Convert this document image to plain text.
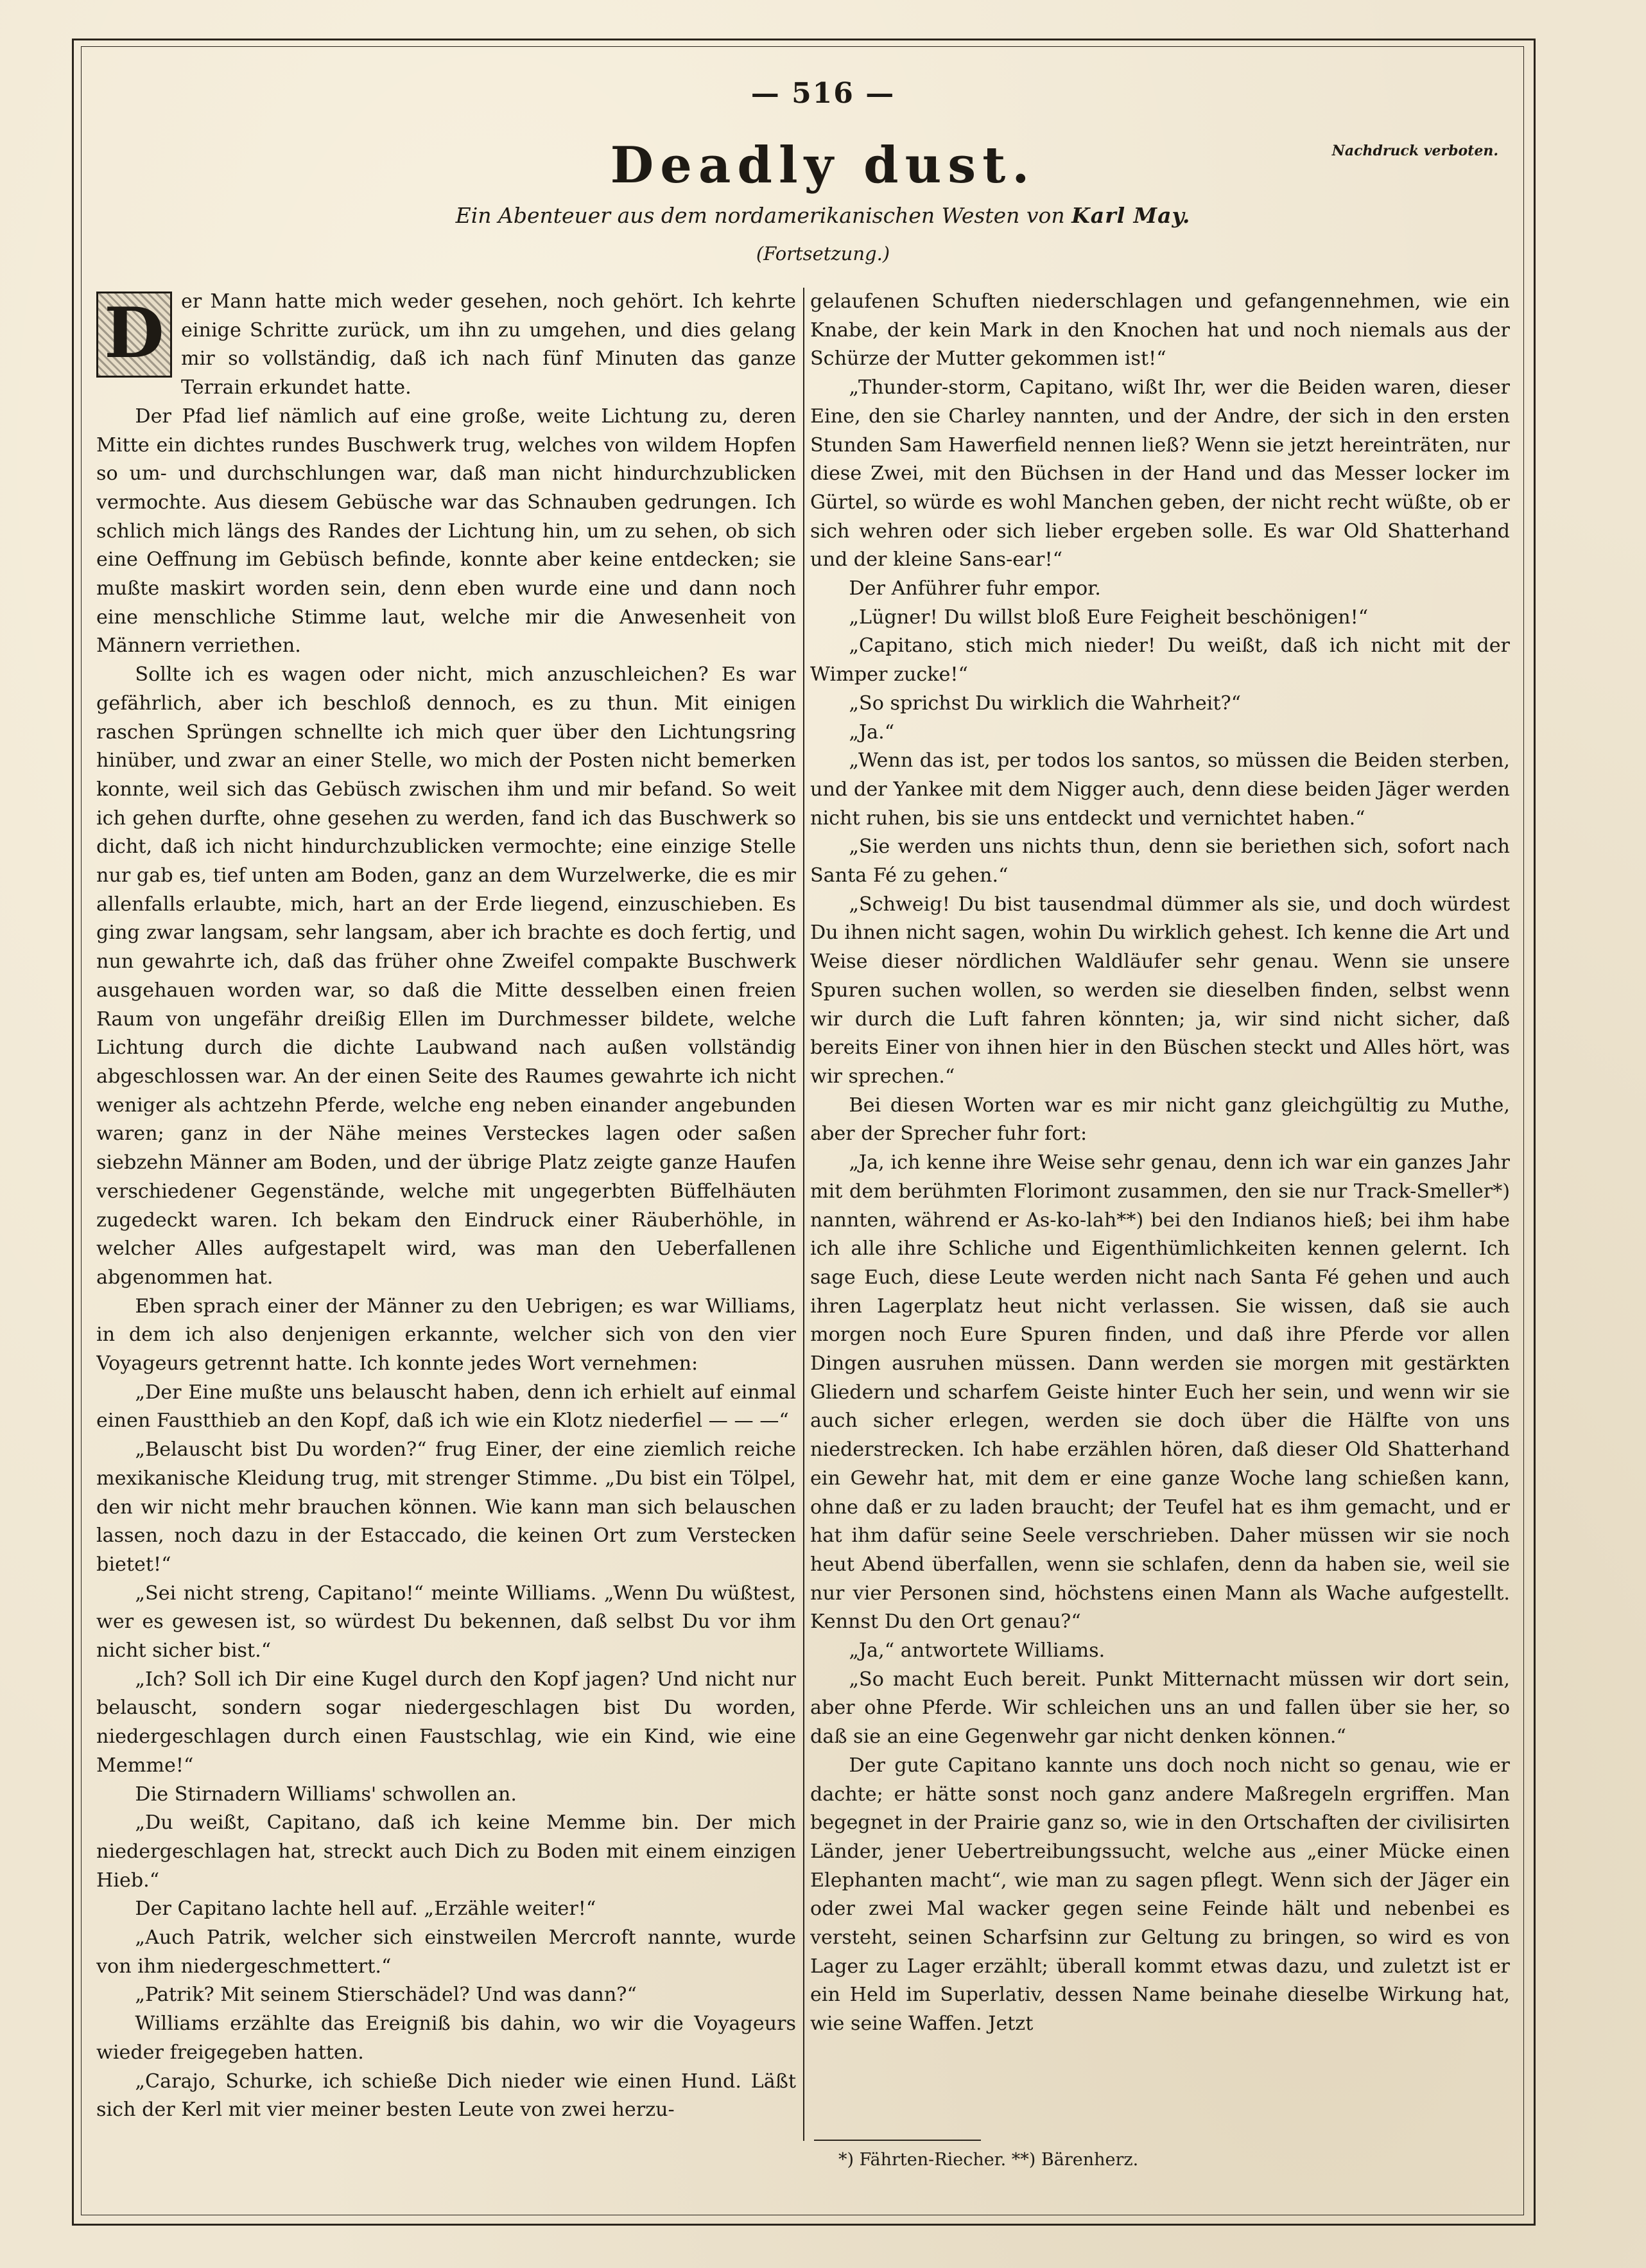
— 516 —
Nachdruck verboten.
Deadly dust.
Ein Abenteuer aus dem nordamerikanischen Westen von Karl May.
(Fortsetzung.)
D er Mann hatte mich weder gesehen, noch gehört. Ich kehrte einige Schritte zurück, um ihn zu umgehen, und dies gelang mir so vollständig, daß ich nach fünf Minuten das ganze Terrain erkundet hatte.

Der Pfad lief nämlich auf eine große, weite Lichtung zu, deren Mitte ein dichtes rundes Buschwerk trug, welches von wildem Hopfen so um- und durchschlungen war, daß man nicht hindurchzublicken vermochte. Aus diesem Gebüsche war das Schnauben gedrungen. Ich schlich mich längs des Randes der Lichtung hin, um zu sehen, ob sich eine Oeffnung im Gebüsch befinde, konnte aber keine entdecken; sie mußte maskirt worden sein, denn eben wurde eine und dann noch eine menschliche Stimme laut, welche mir die Anwesenheit von Männern verriethen.

Sollte ich es wagen oder nicht, mich anzuschleichen? Es war gefährlich, aber ich beschloß dennoch, es zu thun. Mit einigen raschen Sprüngen schnellte ich mich quer über den Lichtungsring hinüber, und zwar an einer Stelle, wo mich der Posten nicht bemerken konnte, weil sich das Gebüsch zwischen ihm und mir befand. So weit ich gehen durfte, ohne gesehen zu werden, fand ich das Buschwerk so dicht, daß ich nicht hindurchzublicken vermochte; eine einzige Stelle nur gab es, tief unten am Boden, ganz an dem Wurzelwerke, die es mir allenfalls erlaubte, mich, hart an der Erde liegend, einzuschieben. Es ging zwar langsam, sehr langsam, aber ich brachte es doch fertig, und nun gewahrte ich, daß das früher ohne Zweifel compakte Buschwerk ausgehauen worden war, so daß die Mitte desselben einen freien Raum von ungefähr dreißig Ellen im Durchmesser bildete, welche Lichtung durch die dichte Laubwand nach außen vollständig abgeschlossen war. An der einen Seite des Raumes gewahrte ich nicht weniger als achtzehn Pferde, welche eng neben einander angebunden waren; ganz in der Nähe meines Versteckes lagen oder saßen siebzehn Männer am Boden, und der übrige Platz zeigte ganze Haufen verschiedener Gegenstände, welche mit ungegerbten Büffelhäuten zugedeckt waren. Ich bekam den Eindruck einer Räuberhöhle, in welcher Alles aufgestapelt wird, was man den Ueberfallenen abgenommen hat.

Eben sprach einer der Männer zu den Uebrigen; es war Williams, in dem ich also denjenigen erkannte, welcher sich von den vier Voyageurs getrennt hatte. Ich konnte jedes Wort vernehmen:

„Der Eine mußte uns belauscht haben, denn ich erhielt auf einmal einen Faustthieb an den Kopf, daß ich wie ein Klotz niederfiel — — —“

„Belauscht bist Du worden?“ frug Einer, der eine ziemlich reiche mexikanische Kleidung trug, mit strenger Stimme. „Du bist ein Tölpel, den wir nicht mehr brauchen können. Wie kann man sich belauschen lassen, noch dazu in der Estaccado, die keinen Ort zum Verstecken bietet!“

„Sei nicht streng, Capitano!“ meinte Williams. „Wenn Du wüßtest, wer es gewesen ist, so würdest Du bekennen, daß selbst Du vor ihm nicht sicher bist.“

„Ich? Soll ich Dir eine Kugel durch den Kopf jagen? Und nicht nur belauscht, sondern sogar niedergeschlagen bist Du worden, niedergeschlagen durch einen Faustschlag, wie ein Kind, wie eine Memme!“

Die Stirnadern Williams' schwollen an.

„Du weißt, Capitano, daß ich keine Memme bin. Der mich niedergeschlagen hat, streckt auch Dich zu Boden mit einem einzigen Hieb.“

Der Capitano lachte hell auf. „Erzähle weiter!“

„Auch Patrik, welcher sich einstweilen Mercroft nannte, wurde von ihm niedergeschmettert.“

„Patrik? Mit seinem Stierschädel? Und was dann?“

Williams erzählte das Ereigniß bis dahin, wo wir die Voyageurs wieder freigegeben hatten.

„Carajo, Schurke, ich schieße Dich nieder wie einen Hund. Läßt sich der Kerl mit vier meiner besten Leute von zwei herzu-

gelaufenen Schuften niederschlagen und gefangennehmen, wie ein Knabe, der kein Mark in den Knochen hat und noch niemals aus der Schürze der Mutter gekommen ist!“

„Thunder-storm, Capitano, wißt Ihr, wer die Beiden waren, dieser Eine, den sie Charley nannten, und der Andre, der sich in den ersten Stunden Sam Hawerfield nennen ließ? Wenn sie jetzt hereinträten, nur diese Zwei, mit den Büchsen in der Hand und das Messer locker im Gürtel, so würde es wohl Manchen geben, der nicht recht wüßte, ob er sich wehren oder sich lieber ergeben solle. Es war Old Shatterhand und der kleine Sans-ear!“

Der Anführer fuhr empor.

„Lügner! Du willst bloß Eure Feigheit beschönigen!“

„Capitano, stich mich nieder! Du weißt, daß ich nicht mit der Wimper zucke!“

„So sprichst Du wirklich die Wahrheit?“

„Ja.“

„Wenn das ist, per todos los santos, so müssen die Beiden sterben, und der Yankee mit dem Nigger auch, denn diese beiden Jäger werden nicht ruhen, bis sie uns entdeckt und vernichtet haben.“

„Sie werden uns nichts thun, denn sie beriethen sich, sofort nach Santa Fé zu gehen.“

„Schweig! Du bist tausendmal dümmer als sie, und doch würdest Du ihnen nicht sagen, wohin Du wirklich gehest. Ich kenne die Art und Weise dieser nördlichen Waldläufer sehr genau. Wenn sie unsere Spuren suchen wollen, so werden sie dieselben finden, selbst wenn wir durch die Luft fahren könnten; ja, wir sind nicht sicher, daß bereits Einer von ihnen hier in den Büschen steckt und Alles hört, was wir sprechen.“

Bei diesen Worten war es mir nicht ganz gleichgültig zu Muthe, aber der Sprecher fuhr fort:

„Ja, ich kenne ihre Weise sehr genau, denn ich war ein ganzes Jahr mit dem berühmten Florimont zusammen, den sie nur Track-Smeller*) nannten, während er As-ko-lah**) bei den Indianos hieß; bei ihm habe ich alle ihre Schliche und Eigenthümlichkeiten kennen gelernt. Ich sage Euch, diese Leute werden nicht nach Santa Fé gehen und auch ihren Lagerplatz heut nicht verlassen. Sie wissen, daß sie auch morgen noch Eure Spuren finden, und daß ihre Pferde vor allen Dingen ausruhen müssen. Dann werden sie morgen mit gestärkten Gliedern und scharfem Geiste hinter Euch her sein, und wenn wir sie auch sicher erlegen, werden sie doch über die Hälfte von uns niederstrecken. Ich habe erzählen hören, daß dieser Old Shatterhand ein Gewehr hat, mit dem er eine ganze Woche lang schießen kann, ohne daß er zu laden braucht; der Teufel hat es ihm gemacht, und er hat ihm dafür seine Seele verschrieben. Daher müssen wir sie noch heut Abend überfallen, wenn sie schlafen, denn da haben sie, weil sie nur vier Personen sind, höchstens einen Mann als Wache aufgestellt. Kennst Du den Ort genau?“

„Ja,“ antwortete Williams.

„So macht Euch bereit. Punkt Mitternacht müssen wir dort sein, aber ohne Pferde. Wir schleichen uns an und fallen über sie her, so daß sie an eine Gegenwehr gar nicht denken können.“

Der gute Capitano kannte uns doch noch nicht so genau, wie er dachte; er hätte sonst noch ganz andere Maßregeln ergriffen. Man begegnet in der Prairie ganz so, wie in den Ortschaften der civilisirten Länder, jener Uebertreibungssucht, welche aus „einer Mücke einen Elephanten macht“, wie man zu sagen pflegt. Wenn sich der Jäger ein oder zwei Mal wacker gegen seine Feinde hält und nebenbei es versteht, seinen Scharfsinn zur Geltung zu bringen, so wird es von Lager zu Lager erzählt; überall kommt etwas dazu, und zuletzt ist er ein Held im Superlativ, dessen Name beinahe dieselbe Wirkung hat, wie seine Waffen. Jetzt

*) Fährten-Riecher. **) Bärenherz.
